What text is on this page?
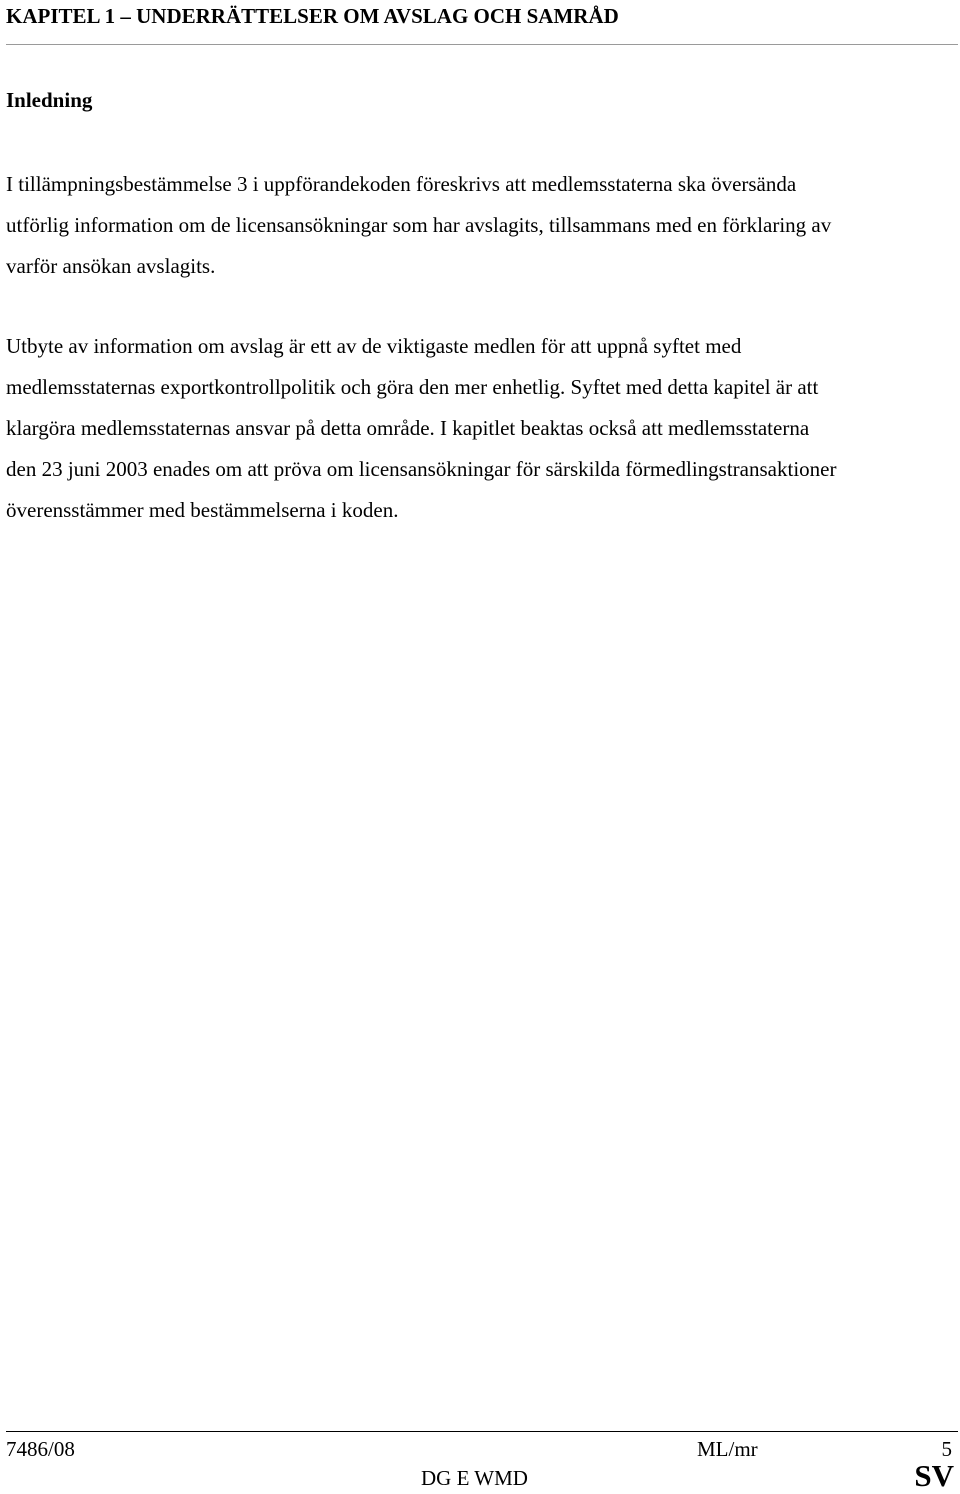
KAPITEL 1 – UNDERRÄTTELSER OM AVSLAG OCH SAMRÅD
Inledning
I tillämpningsbestämmelse 3 i uppförandekoden föreskrivs att medlemsstaterna ska översända
utförlig information om de licensansökningar som har avslagits, tillsammans med en förklaring av
varför ansökan avslagits.
Utbyte av information om avslag är ett av de viktigaste medlen för att uppnå syftet med
medlemsstaternas exportkontrollpolitik och göra den mer enhetlig. Syftet med detta kapitel är att
klargöra medlemsstaternas ansvar på detta område. I kapitlet beaktas också att medlemsstaterna
den 23 juni 2003 enades om att pröva om licensansökningar för särskilda förmedlingstransaktioner
överensstämmer med bestämmelserna i koden.
7486/08	ML/mr	5
DG E WMD	SV
